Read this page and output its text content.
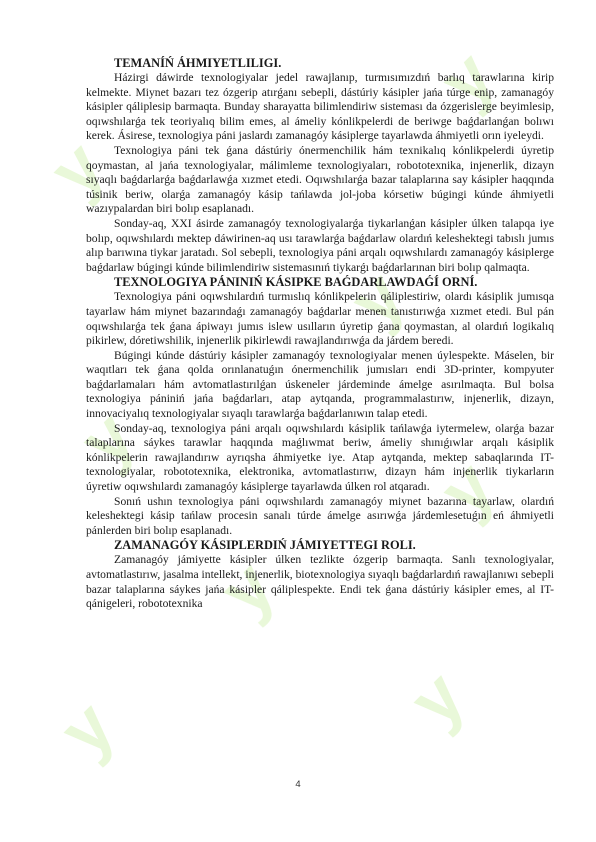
y
y
y
y
y
y	y
y

TEMANÍŃ ÁHMIYETLILIGI.

Házirgi dáwirde texnologiyalar jedel rawajlanıp, turmısımızdıń barlıq tarawlarına kirip kelmekte. Miynet bazarı tez ózgerip atırǵanı sebepli, dástúriy kásipler jańa túrge enip, zamanagóy kásipler qáliplesip barmaqta. Bunday sharayatta bilimlendiriw sisteması da ózgerislerge beyimlesip, oqıwshılarǵa tek teoriyalıq bilim emes, al ámeliy kónlikpelerdi de beriwge baǵdarlanǵan bolıwı kerek. Ásirese, texnologiya páni jaslardı zamanagóy kásiplerge tayarlawda áhmiyetli orın iyeleydi.

Texnologiya páni tek ǵana dástúriy ónermenchilik hám texnikalıq kónlikpelerdi úyretip qoymastan, al jańa texnologiyalar, málimleme texnologiyaları, robototexnika, injenerlik, dizayn sıyaqlı baǵdarlarǵa baǵdarlawǵa xızmet etedi. Oqıwshılarǵa bazar talaplarına say kásipler haqqında túsinik beriw, olarǵa zamanagóy kásip tańlawda jol-joba kórsetiw búgingi kúnde áhmiyetli wazıypalardan biri bolıp esaplanadı.

Sonday-aq, XXI ásirde zamanagóy texnologiyalarǵa tiykarlanǵan kásipler úlken talapqa iye bolıp, oqıwshılardı mektep dáwirinen-aq usı tarawlarǵa baǵdarlaw olardıń keleshektegi tabıslı jumıs alıp barıwına tiykar jaratadı. Sol sebepli, texnologiya páni arqalı oqıwshılardı zamanagóy kásiplerge baǵdarlaw búgingi kúnde bilimlendiriw sistemasınıń tiykarǵı baǵdarlarınan biri bolıp qalmaqta.

TEXNOLOGIYA PÁNINIŃ KÁSIPKE BAǴDARLAWDAǴÍ ORNÍ.

Texnologiya páni oqıwshılardıń turmıslıq kónlikpelerin qáliplestiriw, olardı kásiplik jumısqa tayarlaw hám miynet bazarındaǵı zamanagóy baǵdarlar menen tanıstırıwǵa xızmet etedi. Bul pán oqıwshılarǵa tek ǵana ápiwayı jumıs islew usılların úyretip ǵana qoymastan, al olardıń logikalıq pikirlew, dóretiwshilik, injenerlik pikirlewdi rawajlandırıwǵa da járdem beredi.

Búgingi kúnde dástúriy kásipler zamanagóy texnologiyalar menen úylespekte. Máselen, bir waqıtları tek ǵana qolda orınlanatuǵın ónermenchilik jumısları endi 3D-printer, kompyuter baǵdarlamaları hám avtomatlastırılǵan úskeneler járdeminde ámelge asırılmaqta. Bul bolsa texnologiya pániniń jańa baǵdarları, atap aytqanda, programmalastırıw, injenerlik, dizayn, innovaciyalıq texnologiyalar sıyaqlı tarawlarǵa baǵdarlanıwın talap etedi.

Sonday-aq, texnologiya páni arqalı oqıwshılardı kásiplik tańlawǵa iytermelew, olarǵa bazar talaplarına sáykes tarawlar haqqında maǵlıwmat beriw, ámeliy shınıǵıwlar arqalı kásiplik kónlikpelerin rawajlandırıw ayrıqsha áhmiyetke iye. Atap aytqanda, mektep sabaqlarında IT-texnologiyalar, robototexnika, elektronika, avtomatlastırıw, dizayn hám injenerlik tiykarların úyretiw oqıwshılardı zamanagóy kásiplerge tayarlawda úlken rol atqaradı.

Sonıń ushın texnologiya páni oqıwshılardı zamanagóy miynet bazarına tayarlaw, olardıń keleshektegi kásip tańlaw procesin sanalı túrde ámelge asırıwǵa járdemlesetuǵın eń áhmiyetli pánlerden biri bolıp esaplanadı.

ZAMANAGÓY KÁSIPLERDIŃ JÁMIYETTEGI ROLI.

Zamanagóy jámiyette kásipler úlken tezlikte ózgerip barmaqta. Sanlı texnologiyalar, avtomatlastırıw, jasalma intellekt, injenerlik, biotexnologiya sıyaqlı baǵdarlardıń rawajlanıwı sebepli bazar talaplarına sáykes jańa kásipler qáliplespekte. Endi tek ǵana dástúriy kásipler emes, al IT-qánigeleri, robototexnika

4
